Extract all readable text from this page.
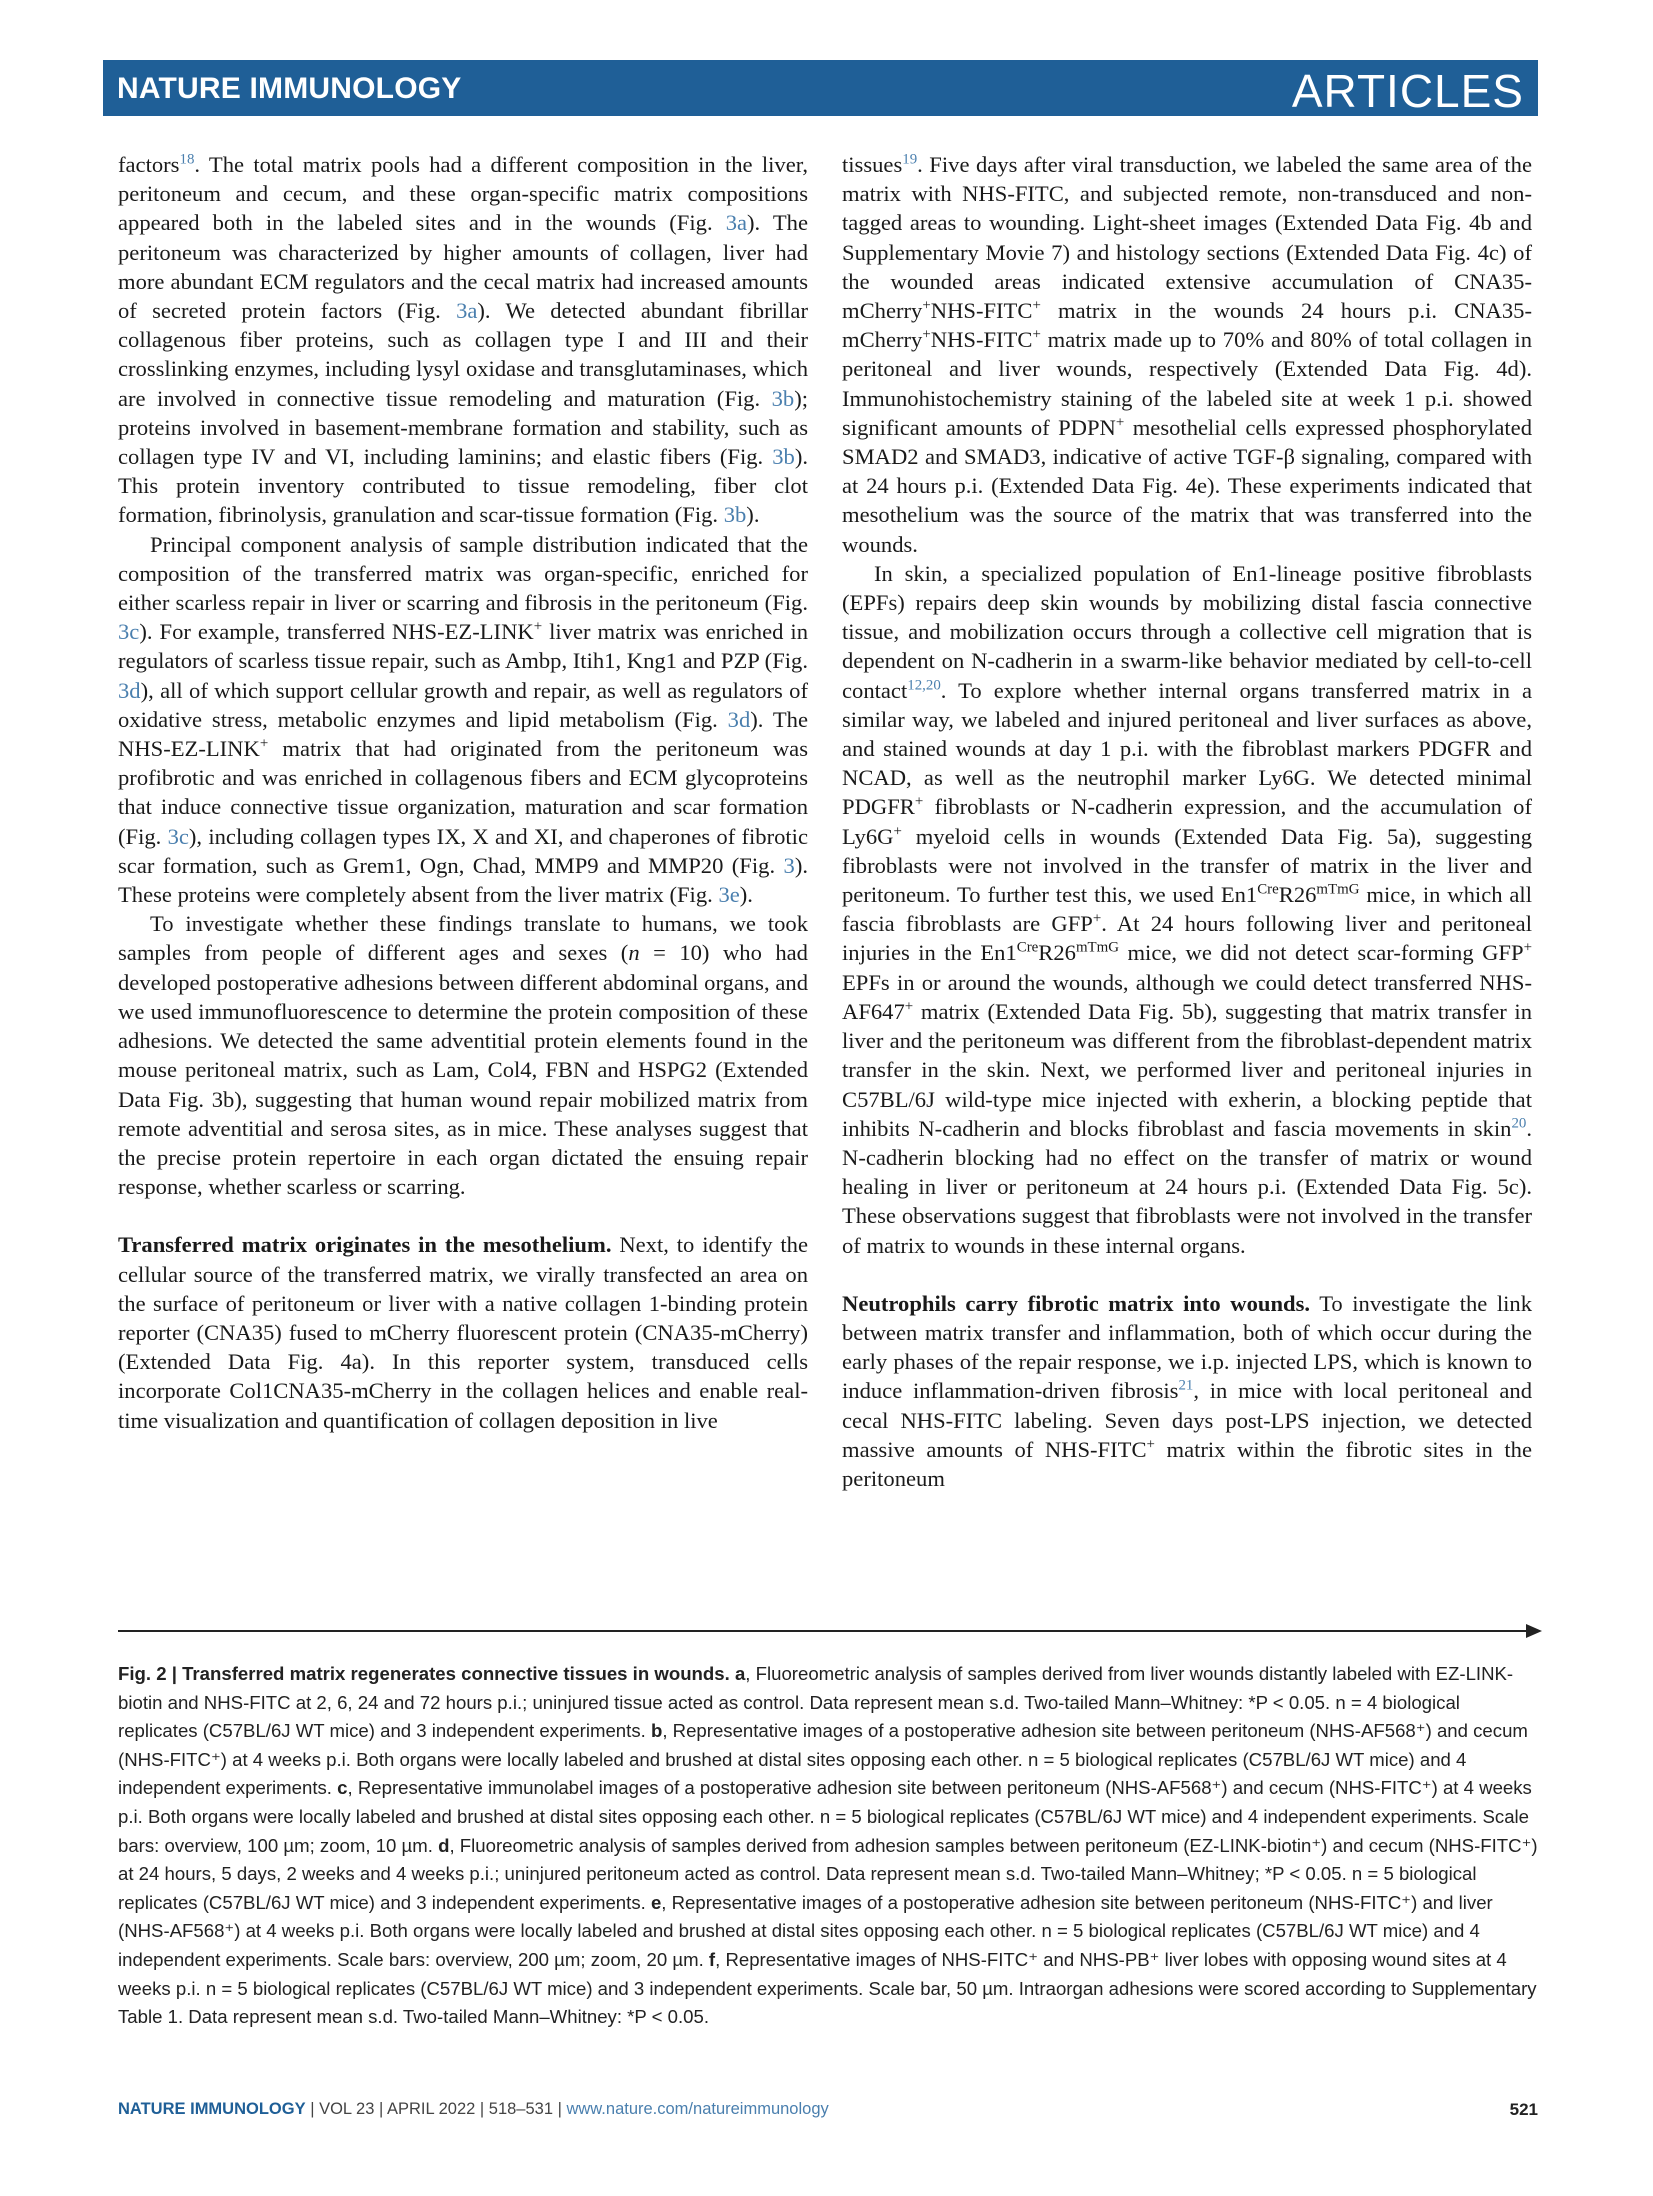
NATURE IMMUNOLOGY	ARTICLES

factors$^{18}$. The total matrix pools had a different composition in the liver, peritoneum and cecum, and these organ-specific matrix compositions appeared both in the labeled sites and in the wounds (Fig. 3a). The peritoneum was characterized by higher amounts of collagen, liver had more abundant ECM regulators and the cecal matrix had increased amounts of secreted protein factors (Fig. 3a). We detected abundant fibrillar collagenous fiber proteins, such as collagen type I and III and their crosslinking enzymes, including lysyl oxidase and transglutaminases, which are involved in connective tissue remodeling and maturation (Fig. 3b); proteins involved in basement-membrane formation and stability, such as collagen type IV and VI, including laminins; and elastic fibers (Fig. 3b). This protein inventory contributed to tissue remodeling, fiber clot formation, fibrinolysis, granulation and scar-tissue formation (Fig. 3b).

Principal component analysis of sample distribution indicated that the composition of the transferred matrix was organ-specific, enriched for either scarless repair in liver or scarring and fibrosis in the peritoneum (Fig. 3c). For example, transferred NHS-EZ-LINK+ liver matrix was enriched in regulators of scarless tissue repair, such as Ambp, Itih1, Kng1 and PZP (Fig. 3d), all of which support cellular growth and repair, as well as regulators of oxidative stress, metabolic enzymes and lipid metabolism (Fig. 3d). The NHS-EZ-LINK+ matrix that had originated from the peritoneum was profibrotic and was enriched in collagenous fibers and ECM glycoproteins that induce connective tissue organization, maturation and scar formation (Fig. 3c), including collagen types IX, X and XI, and chaperones of fibrotic scar formation, such as Grem1, Ogn, Chad, MMP9 and MMP20 (Fig. 3). These proteins were completely absent from the liver matrix (Fig. 3e).

To investigate whether these findings translate to humans, we took samples from people of different ages and sexes (n = 10) who had developed postoperative adhesions between different abdominal organs, and we used immunofluorescence to determine the protein composition of these adhesions. We detected the same adventitial protein elements found in the mouse peritoneal matrix, such as Lam, Col4, FBN and HSPG2 (Extended Data Fig. 3b), suggesting that human wound repair mobilized matrix from remote adventitial and serosa sites, as in mice. These analyses suggest that the precise protein repertoire in each organ dictated the ensuing repair response, whether scarless or scarring.

Transferred matrix originates in the mesothelium. Next, to identify the cellular source of the transferred matrix, we virally transfected an area on the surface of peritoneum or liver with a native collagen 1-binding protein reporter (CNA35) fused to mCherry fluorescent protein (CNA35-mCherry) (Extended Data Fig. 4a). In this reporter system, transduced cells incorporate Col1CNA35-mCherry in the collagen helices and enable real-time visualization and quantification of collagen deposition in live

tissues$^{19}$. Five days after viral transduction, we labeled the same area of the matrix with NHS-FITC, and subjected remote, non-transduced and non-tagged areas to wounding. Light-sheet images (Extended Data Fig. 4b and Supplementary Movie 7) and histology sections (Extended Data Fig. 4c) of the wounded areas indicated extensive accumulation of CNA35-mCherry+NHS-FITC+ matrix in the wounds 24 hours p.i. CNA35-mCherry+NHS-FITC+ matrix made up to 70% and 80% of total collagen in peritoneal and liver wounds, respectively (Extended Data Fig. 4d). Immunohistochemistry staining of the labeled site at week 1 p.i. showed significant amounts of PDPN+ mesothelial cells expressed phosphorylated SMAD2 and SMAD3, indicative of active TGF-β signaling, compared with at 24 hours p.i. (Extended Data Fig. 4e). These experiments indicated that mesothelium was the source of the matrix that was transferred into the wounds.

In skin, a specialized population of En1-lineage positive fibroblasts (EPFs) repairs deep skin wounds by mobilizing distal fascia connective tissue, and mobilization occurs through a collective cell migration that is dependent on N-cadherin in a swarm-like behavior mediated by cell-to-cell contact$^{12,20}$. To explore whether internal organs transferred matrix in a similar way, we labeled and injured peritoneal and liver surfaces as above, and stained wounds at day 1 p.i. with the fibroblast markers PDGFR and NCAD, as well as the neutrophil marker Ly6G. We detected minimal PDGFR+ fibroblasts or N-cadherin expression, and the accumulation of Ly6G+ myeloid cells in wounds (Extended Data Fig. 5a), suggesting fibroblasts were not involved in the transfer of matrix in the liver and peritoneum. To further test this, we used $En1^{Cre}R26^{mTmG}$ mice, in which all fascia fibroblasts are GFP+. At 24 hours following liver and peritoneal injuries in the $En1^{Cre}R26^{mTmG}$ mice, we did not detect scar-forming GFP+ EPFs in or around the wounds, although we could detect transferred NHS-AF647+ matrix (Extended Data Fig. 5b), suggesting that matrix transfer in liver and the peritoneum was different from the fibroblast-dependent matrix transfer in the skin. Next, we performed liver and peritoneal injuries in C57BL/6J wild-type mice injected with exherin, a blocking peptide that inhibits N-cadherin and blocks fibroblast and fascia movements in skin$^{20}$. N-cadherin blocking had no effect on the transfer of matrix or wound healing in liver or peritoneum at 24 hours p.i. (Extended Data Fig. 5c). These observations suggest that fibroblasts were not involved in the transfer of matrix to wounds in these internal organs.

Neutrophils carry fibrotic matrix into wounds. To investigate the link between matrix transfer and inflammation, both of which occur during the early phases of the repair response, we i.p. injected LPS, which is known to induce inflammation-driven fibrosis$^{21}$, in mice with local peritoneal and cecal NHS-FITC labeling. Seven days post-LPS injection, we detected massive amounts of NHS-FITC+ matrix within the fibrotic sites in the peritoneum

Fig. 2 | Transferred matrix regenerates connective tissues in wounds. a, Fluoreometric analysis of samples derived from liver wounds distantly labeled with EZ-LINK-biotin and NHS-FITC at 2, 6, 24 and 72 hours p.i.; uninjured tissue acted as control. Data represent mean s.d. Two-tailed Mann–Whitney: *P < 0.05. n = 4 biological replicates (C57BL/6J WT mice) and 3 independent experiments. b, Representative images of a postoperative adhesion site between peritoneum (NHS-AF568⁺) and cecum (NHS-FITC⁺) at 4 weeks p.i. Both organs were locally labeled and brushed at distal sites opposing each other. n = 5 biological replicates (C57BL/6J WT mice) and 4 independent experiments. c, Representative immunolabel images of a postoperative adhesion site between peritoneum (NHS-AF568⁺) and cecum (NHS-FITC⁺) at 4 weeks p.i. Both organs were locally labeled and brushed at distal sites opposing each other. n = 5 biological replicates (C57BL/6J WT mice) and 4 independent experiments. Scale bars: overview, 100 µm; zoom, 10 µm. d, Fluoreometric analysis of samples derived from adhesion samples between peritoneum (EZ-LINK-biotin⁺) and cecum (NHS-FITC⁺) at 24 hours, 5 days, 2 weeks and 4 weeks p.i.; uninjured peritoneum acted as control. Data represent mean s.d. Two-tailed Mann–Whitney; *P < 0.05. n = 5 biological replicates (C57BL/6J WT mice) and 3 independent experiments. e, Representative images of a postoperative adhesion site between peritoneum (NHS-FITC⁺) and liver (NHS-AF568⁺) at 4 weeks p.i. Both organs were locally labeled and brushed at distal sites opposing each other. n = 5 biological replicates (C57BL/6J WT mice) and 4 independent experiments. Scale bars: overview, 200 µm; zoom, 20 µm. f, Representative images of NHS-FITC⁺ and NHS-PB⁺ liver lobes with opposing wound sites at 4 weeks p.i. n = 5 biological replicates (C57BL/6J WT mice) and 3 independent experiments. Scale bar, 50 µm. Intraorgan adhesions were scored according to Supplementary Table 1. Data represent mean s.d. Two-tailed Mann–Whitney: *P < 0.05.
NATURE IMMUNOLOGY | VOL 23 | APRIL 2022 | 518–531 | www.nature.com/natureimmunology	521
